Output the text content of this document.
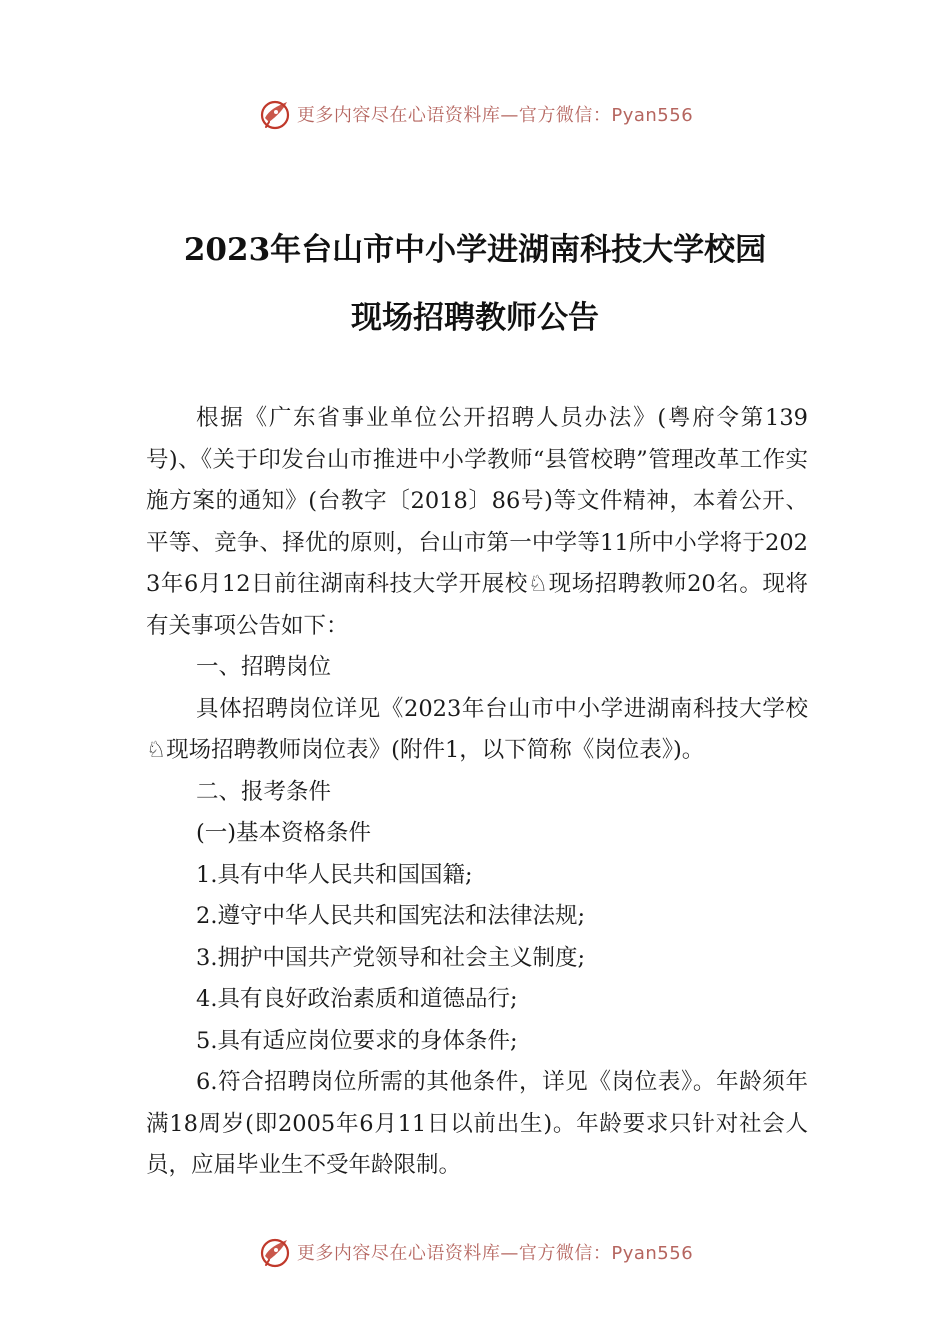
更多内容尽在心语资料库—官方微信：Pyan556
2023年台山市中小学进湖南科技大学校园
现场招聘教师公告

根据《广东省事业单位公开招聘人员办法》(粤府令第139号)、《关于印发台山市推进中小学教师“县管校聘”管理改革工作实施方案的通知》(台教字〔2018〕86号)等文件精神，本着公开、平等、竞争、择优的原则，台山市第一中学等11所中小学将于2023年6月12日前往湖南科技大学开展校♘现场招聘教师20名。现将有关事项公告如下：

一、招聘岗位

具体招聘岗位详见《2023年台山市中小学进湖南科技大学校♘现场招聘教师岗位表》(附件1，以下简称《岗位表》)。

二、报考条件

(一)基本资格条件

1.具有中华人民共和国国籍;

2.遵守中华人民共和国宪法和法律法规;

3.拥护中国共产党领导和社会主义制度;

4.具有良好政治素质和道德品行;

5.具有适应岗位要求的身体条件;

6.符合招聘岗位所需的其他条件，详见《岗位表》。年龄须年满18周岁(即2005年6月11日以前出生)。年龄要求只针对社会人员，应届毕业生不受年龄限制。

更多内容尽在心语资料库—官方微信：Pyan556
